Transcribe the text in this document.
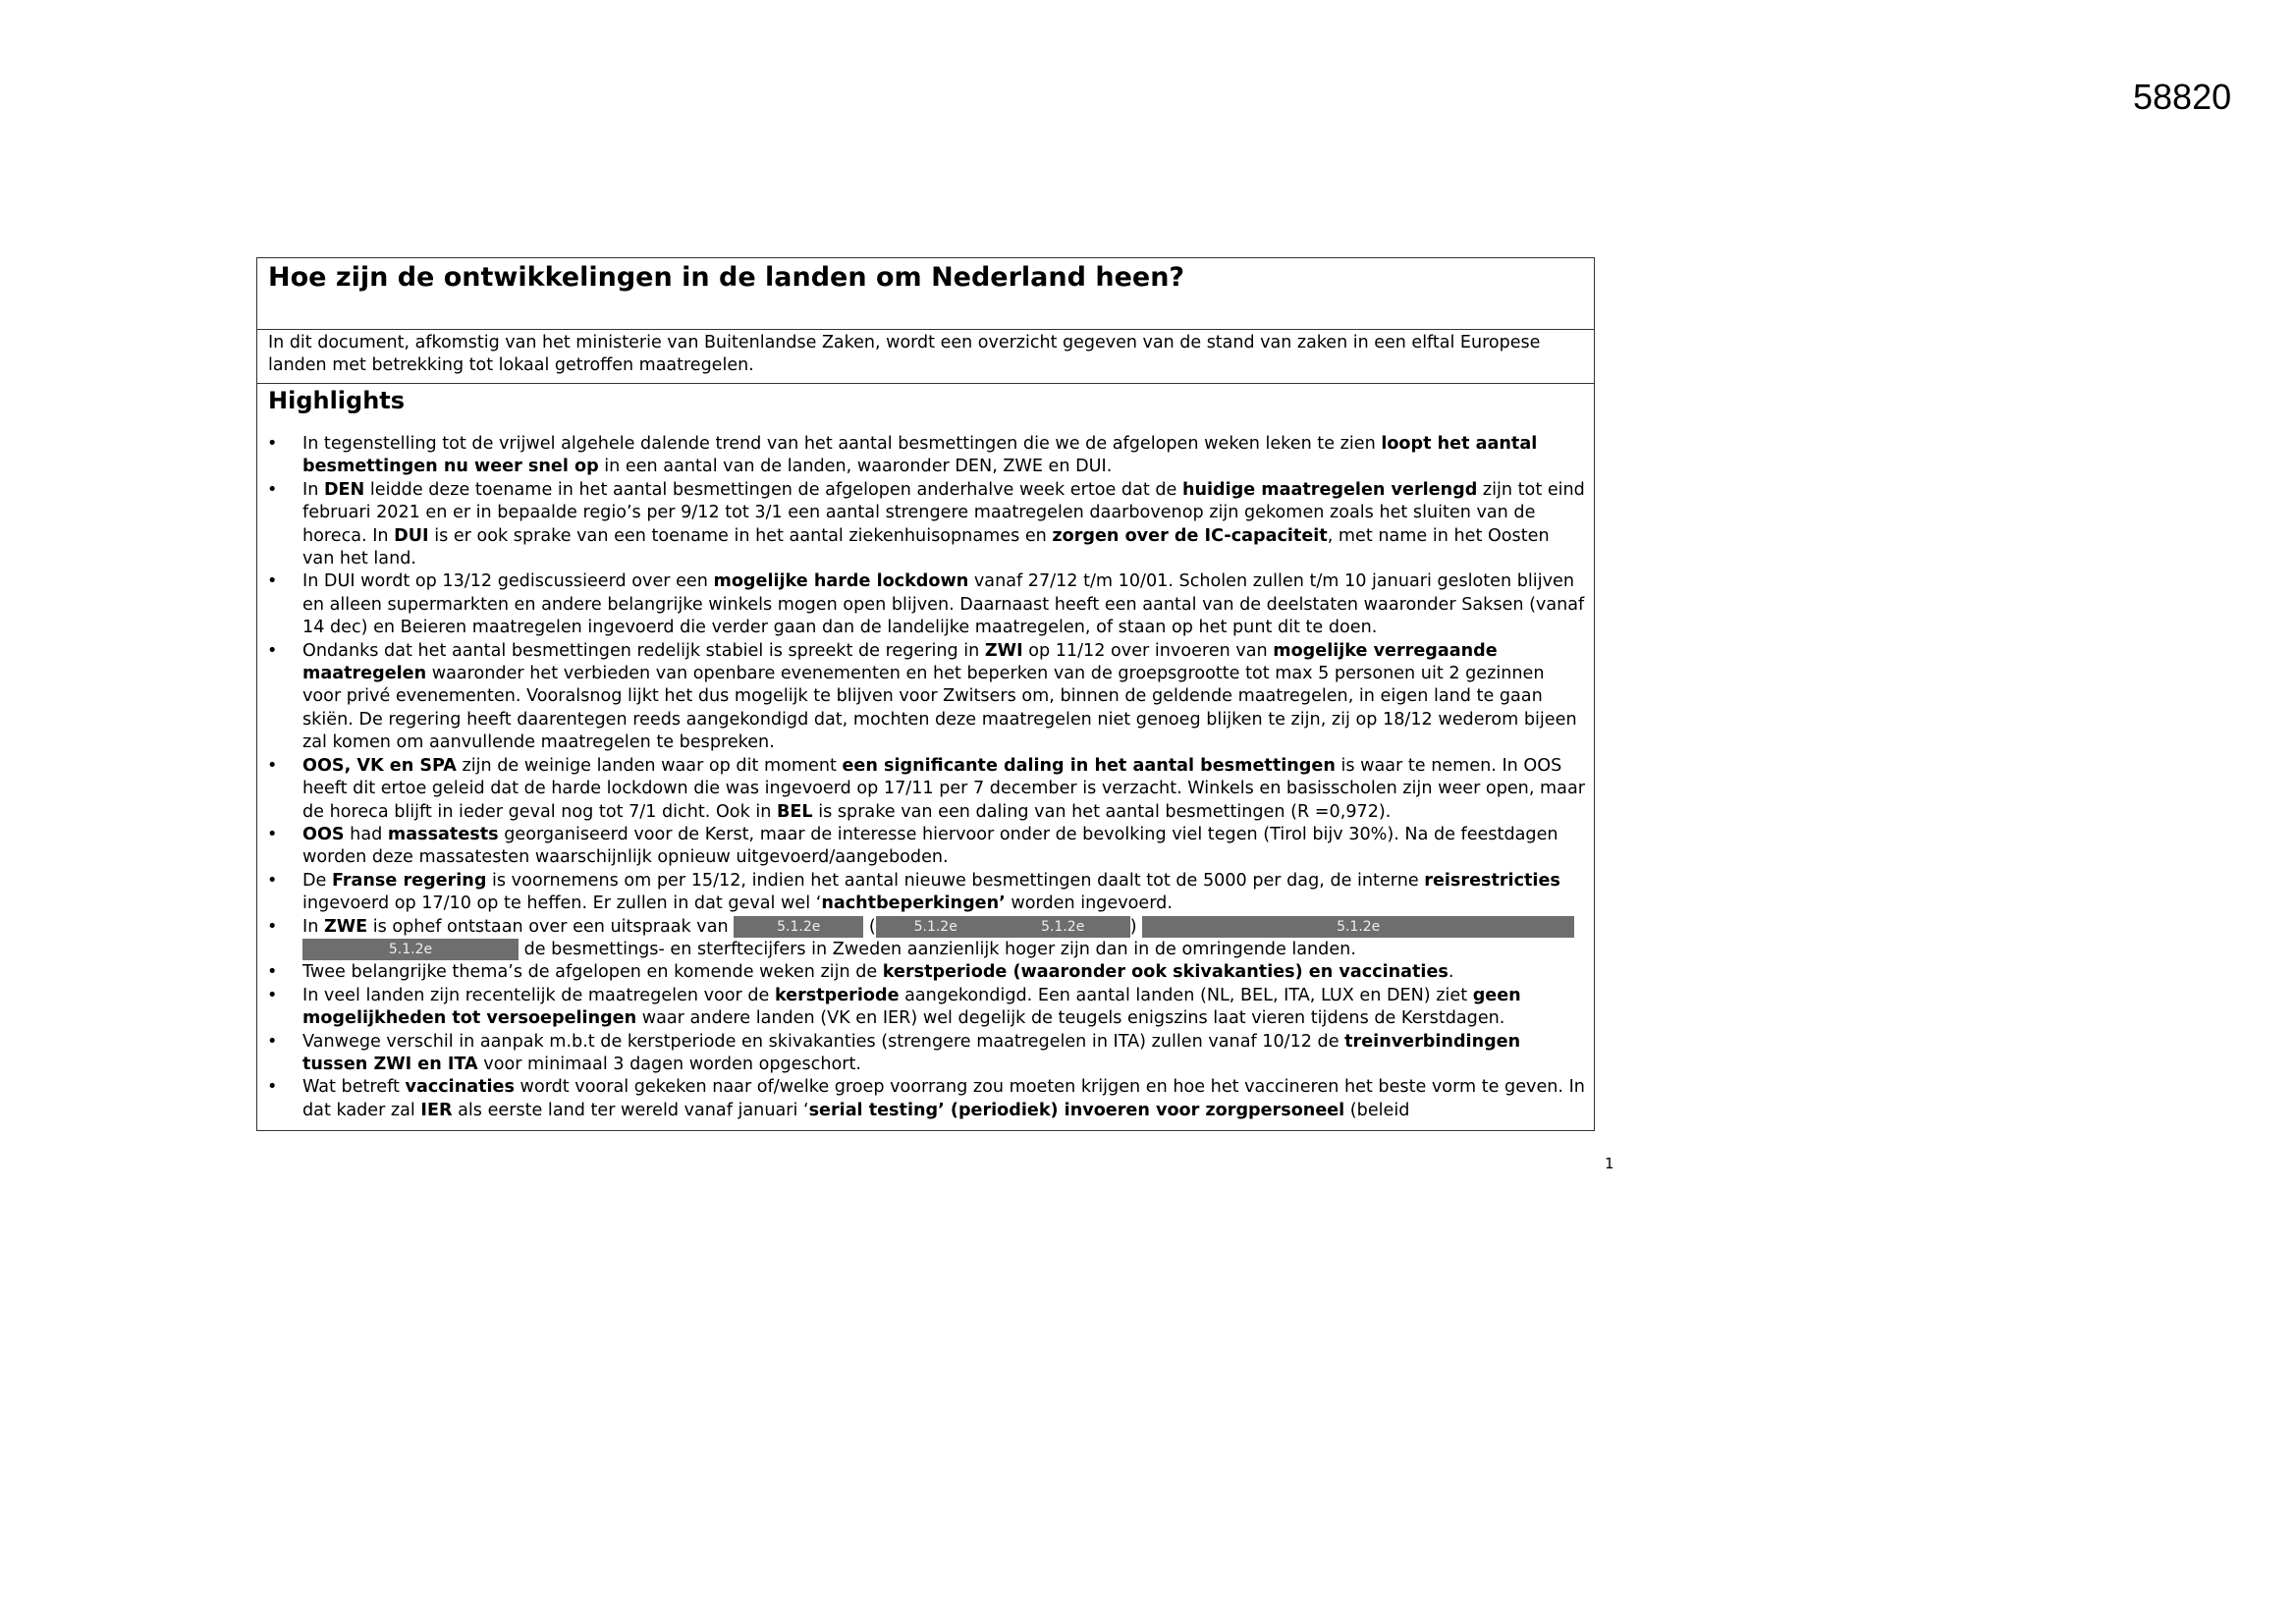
58820
Hoe zijn de ontwikkelingen in de landen om Nederland heen?
In dit document, afkomstig van het ministerie van Buitenlandse Zaken, wordt een overzicht gegeven van de stand van zaken in een elftal Europese landen met betrekking tot lokaal getroffen maatregelen.
Highlights
• In tegenstelling tot de vrijwel algehele dalende trend van het aantal besmettingen die we de afgelopen weken leken te zien loopt het aantal besmettingen nu weer snel op in een aantal van de landen, waaronder DEN, ZWE en DUI.
• In DEN leidde deze toename in het aantal besmettingen de afgelopen anderhalve week ertoe dat de huidige maatregelen verlengd zijn tot eind februari 2021 en er in bepaalde regio’s per 9/12 tot 3/1 een aantal strengere maatregelen daarbovenop zijn gekomen zoals het sluiten van de horeca. In DUI is er ook sprake van een toename in het aantal ziekenhuisopnames en zorgen over de IC-capaciteit, met name in het Oosten van het land.
• In DUI wordt op 13/12 gediscussieerd over een mogelijke harde lockdown vanaf 27/12 t/m 10/01. Scholen zullen t/m 10 januari gesloten blijven en alleen supermarkten en andere belangrijke winkels mogen open blijven. Daarnaast heeft een aantal van de deelstaten waaronder Saksen (vanaf 14 dec) en Beieren maatregelen ingevoerd die verder gaan dan de landelijke maatregelen, of staan op het punt dit te doen.
• Ondanks dat het aantal besmettingen redelijk stabiel is spreekt de regering in ZWI op 11/12 over invoeren van mogelijke verregaande maatregelen waaronder het verbieden van openbare evenementen en het beperken van de groepsgrootte tot max 5 personen uit 2 gezinnen voor privé evenementen. Vooralsnog lijkt het dus mogelijk te blijven voor Zwitsers om, binnen de geldende maatregelen, in eigen land te gaan skiën. De regering heeft daarentegen reeds aangekondigd dat, mochten deze maatregelen niet genoeg blijken te zijn, zij op 18/12 wederom bijeen zal komen om aanvullende maatregelen te bespreken.
• OOS, VK en SPA zijn de weinige landen waar op dit moment een significante daling in het aantal besmettingen is waar te nemen. In OOS heeft dit ertoe geleid dat de harde lockdown die was ingevoerd op 17/11 per 7 december is verzacht. Winkels en basisscholen zijn weer open, maar de horeca blijft in ieder geval nog tot 7/1 dicht. Ook in BEL is sprake van een daling van het aantal besmettingen (R =0,972).
• OOS had massatests georganiseerd voor de Kerst, maar de interesse hiervoor onder de bevolking viel tegen (Tirol bijv 30%). Na de feestdagen worden deze massatesten waarschijnlijk opnieuw uitgevoerd/aangeboden.
• De Franse regering is voornemens om per 15/12, indien het aantal nieuwe besmettingen daalt tot de 5000 per dag, de interne reisrestricties ingevoerd op 17/10 op te heffen. Er zullen in dat geval wel ‘nachtbeperkingen’ worden ingevoerd.
• In ZWE is ophef ontstaan over een uitspraak van	5.1.2e (	5.1.2e	5.1.2e	)	5.1.2e5.1.2e	de besmettings- en sterftecijfers in Zweden aanzienlijk hoger zijn dan in de omringende landen.
• Twee belangrijke thema’s de afgelopen en komende weken zijn de kerstperiode (waaronder ook skivakanties) en vaccinaties.
• In veel landen zijn recentelijk de maatregelen voor de kerstperiode aangekondigd. Een aantal landen (NL, BEL, ITA, LUX en DEN) ziet geen mogelijkheden tot versoepelingen waar andere landen (VK en IER) wel degelijk de teugels enigszins laat vieren tijdens de Kerstdagen.
• Vanwege verschil in aanpak m.b.t de kerstperiode en skivakanties (strengere maatregelen in ITA) zullen vanaf 10/12 de treinverbindingen tussen ZWI en ITA voor minimaal 3 dagen worden opgeschort.
• Wat betreft vaccinaties wordt vooral gekeken naar of/welke groep voorrang zou moeten krijgen en hoe het vaccineren het beste vorm te geven. In dat kader zal IER als eerste land ter wereld vanaf januari ‘serial testing’ (periodiek) invoeren voor zorgpersoneel (beleid
1
